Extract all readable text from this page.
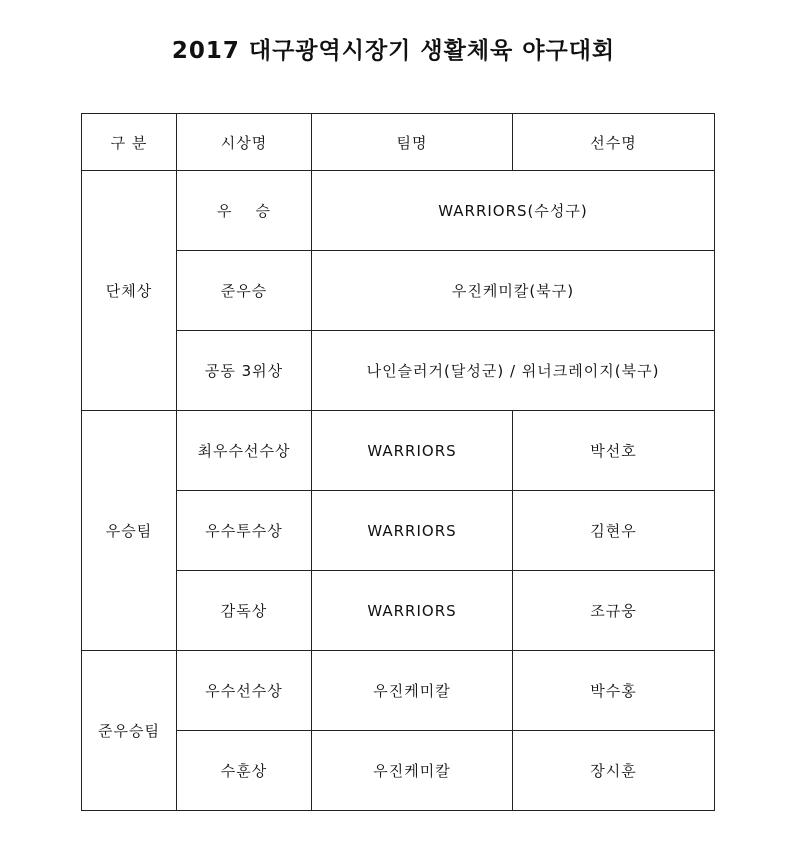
2017 대구광역시장기 생활체육 야구대회
구 분	시상명	팀명	선수명
단체상	우    승	WARRIORS(수성구)	
	준우승	우진케미칼(북구)	
	공동 3위상	나인슬러거(달성군) / 위너크레이지(북구)	
우승팀	최우수선수상	WARRIORS	박선호
	우수투수상	WARRIORS	김현우
	감독상	WARRIORS	조규웅
준우승팀	우수선수상	우진케미칼	박수홍
	수훈상	우진케미칼	장시훈
